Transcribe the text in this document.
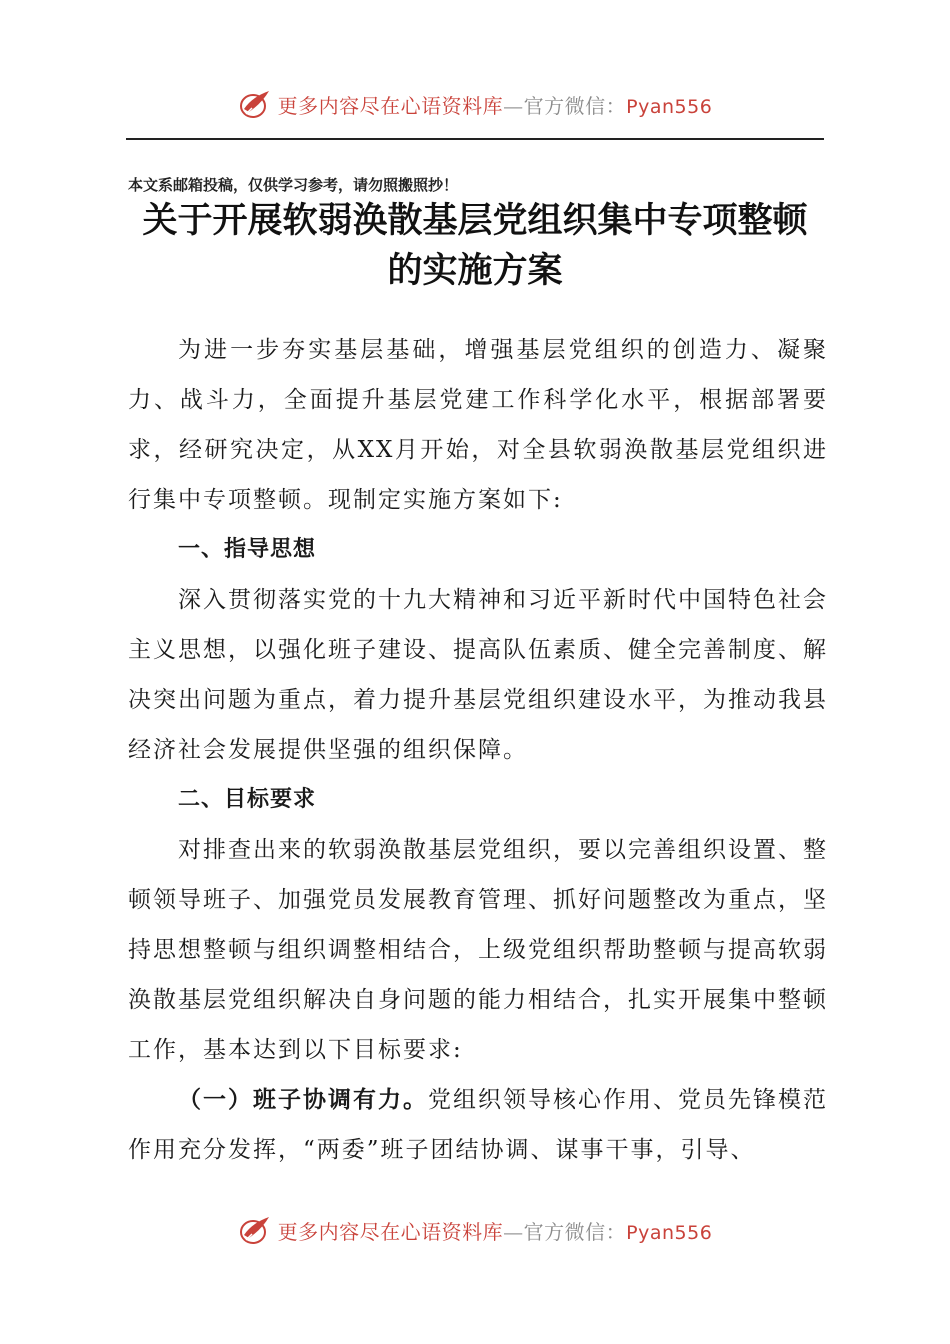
更多内容尽在心语资料库—官方微信：Pyan556
本文系邮箱投稿，仅供学习参考，请勿照搬照抄！
关于开展软弱涣散基层党组织集中专项整顿
的实施方案

为进一步夯实基层基础，增强基层党组织的创造力、凝聚力、战斗力，全面提升基层党建工作科学化水平，根据部署要求，经研究决定，从XX月开始，对全县软弱涣散基层党组织进行集中专项整顿。现制定实施方案如下:

一、指导思想

深入贯彻落实党的十九大精神和习近平新时代中国特色社会主义思想，以强化班子建设、提高队伍素质、健全完善制度、解决突出问题为重点，着力提升基层党组织建设水平，为推动我县经济社会发展提供坚强的组织保障。

二、目标要求

对排查出来的软弱涣散基层党组织，要以完善组织设置、整顿领导班子、加强党员发展教育管理、抓好问题整改为重点，坚持思想整顿与组织调整相结合，上级党组织帮助整顿与提高软弱涣散基层党组织解决自身问题的能力相结合，扎实开展集中整顿工作，基本达到以下目标要求:

（一）班子协调有力。党组织领导核心作用、党员先锋模范作用充分发挥，“两委”班子团结协调、谋事干事，引导、

更多内容尽在心语资料库—官方微信：Pyan556
